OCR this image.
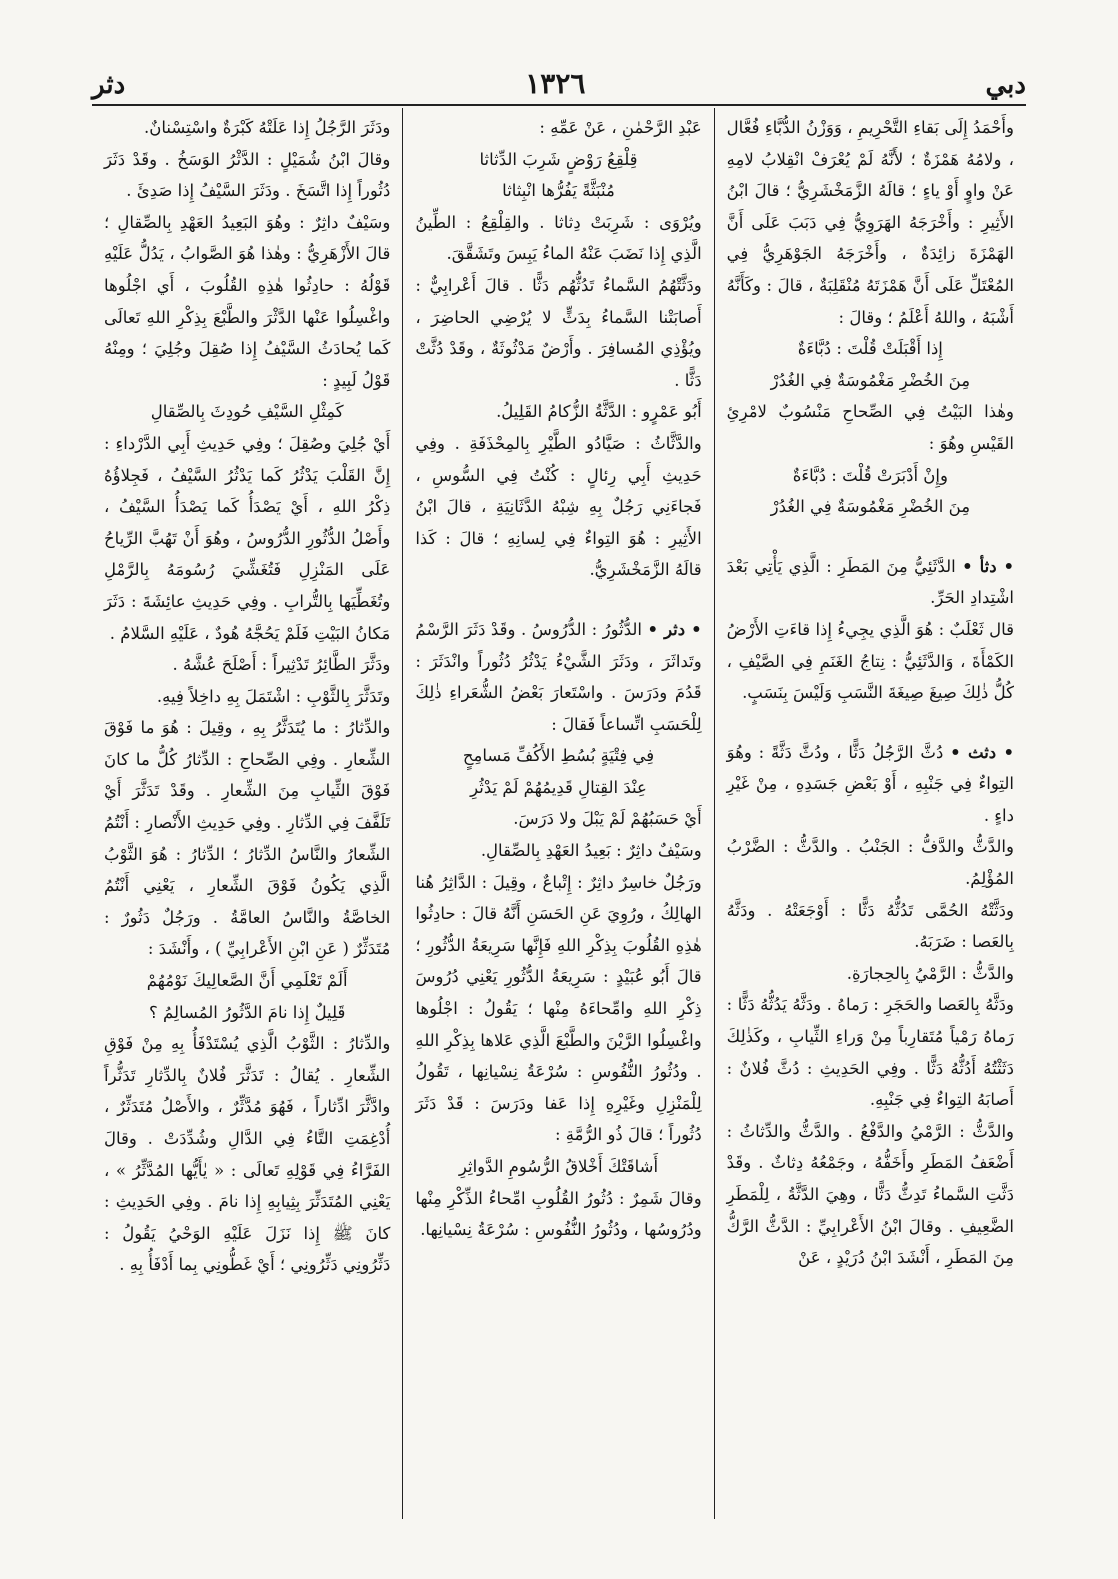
دبي
١٣٢٦
دثر
وأَحْمَدُ إِلَى بَقاءِ التَّحْرِيمِ ، وَوَزْنُ الدُّبَّاءِ فُعَّال ، ولامُهُ هَمْزَةٌ ؛ لأَنَّهُ لَمْ يُعْرَفْ انْقِلابُ لامِهِ عَنْ واوٍ أَوْ ياءٍ ؛ قالَهُ الزَّمَخْشَرِيُّ ؛ قالَ ابْنُ الأَثِيرِ : وأَخْرَجَهُ الهَرَوِيُّ فِي دَبَبَ عَلَى أَنَّ الهَمْزَةَ زائِدَةٌ ، وأَخْرَجَهُ الجَوْهَرِيُّ فِي المُعْتَلِّ عَلَى أَنَّ هَمْزَتَهُ مُنْقَلِبَةٌ ، قالَ : وكَأَنَّهُ أَشْبَهُ ، واللهُ أَعْلَمُ ؛ وقالَ :
إِذا أَقْبَلَتْ قُلْتَ : دُبَّاءَةٌ
مِنَ الخُضْرِ مَغْمُوسَةٌ فِي الغُدُرْ
وهٰذا البَيْتُ فِي الصِّحاحِ مَنْسُوبٌ لامْرِئِ القَيْسِ وهُوَ :
وإِنْ أَدْبَرَتْ قُلْتَ : دُبَّاءَةٌ
مِنَ الخُضْرِ مَغْمُوسَةٌ فِي الغُدُرْ
• دثأ • الدَّثَئِيُّ مِنَ المَطَرِ : الَّذِي يَأْتِي بَعْدَ اشْتِدادِ الحَرِّ.
قال ثَعْلَبٌ : هُوَ الَّذِي يجِيءُ إِذا قاءَتِ الأَرْضُ الكَمْأَةَ ، وَالدَّثَئِيُّ : نِتاجُ الغَنَمِ فِي الصَّيْفِ ، كُلُّ ذٰلِكَ صِيغَ صِيغَةَ النَّسَبِ وَلَيْسَ بِنَسَبٍ.
• دثث • دُثَّ الرَّجُلُ دَثًّا ، ودُثَّ دَثَّةً : وهُوَ التِواءٌ فِي جَنْبِهِ ، أَوْ بَعْضِ جَسَدِهِ ، مِنْ غَيْرِ داءٍ .
والدَّثُّ والدَّفُّ : الجَنْبُ . والدَّثُّ : الضَّرْبُ المُؤْلِمُ.
ودَثَّتْهُ الحُمَّى تَدُثُّهُ دَثًّا : أَوْجَعَتْهُ . ودَثَّهُ بِالعَصا : ضَرَبَهُ.
والدَّثُّ : الرَّمْيُ بِالحِجارَةِ.
ودَثَّهُ بِالعَصا والحَجَرِ : رَماهُ . ودَثَّهُ يَدُثُّهُ دَثًّا : رَماهُ رَمْياً مُتَقارِباً مِنْ وَراءِ الثِّيابِ ، وكَذٰلِكَ دَثَثْتُهُ أَدُثُّهُ دَثًّا . وفِي الحَدِيثِ : دُثَّ فُلانٌ : أَصابَهُ التِواءٌ فِي جَنْبِهِ.
والدَّثُّ : الرَّمْيُ والدَّفْعُ . والدَّثُّ والدِّثاثُ : أَضْعَفُ المَطَرِ وأَخَفُّهُ ، وجَمْعُهُ دِثاثٌ . وقَدْ دَثَّتِ السَّماءُ تَدِثُّ دَثًّا ، وهِيَ الدَّثَّةُ ، لِلْمَطَرِ الضَّعِيفِ . وقالَ ابْنُ الأَعْرابِيِّ : الدَّثُّ الرَّكُّ مِنَ المَطَرِ ، أَنْشَدَ ابْنُ دُرَيْدٍ ، عَنْ
عَبْدِ الرَّحْمٰنِ ، عَنْ عَمِّهِ :
قِلْقِعُ رَوْضٍ شَرِبَ الدِّثاثا
مُنْبَثَّةً يَفُرُّها انْبِثاثا
ويُرْوَى : شَرِبَتْ دِثاثا . والقِلْقِعُ : الطِّينُ الَّذِي إِذا نَضَبَ عَنْهُ الماءُ يَبِسَ وتَشَقَّقَ.
ودَثَّتْهُمُ السَّماءُ تَدُثُّهُم دَثًّا . قالَ أَعْرابِيٌّ : أَصابَتْنا السَّماءُ بِدَثٍّ لا يُرْضِي الحاضِرَ ، ويُؤْذِي المُسافِرَ . وأَرْضٌ مَدْثُوثَةٌ ، وقَدْ دُثَّتْ دَثًّا .
أَبُو عَمْرٍو : الدَّثَّةُ الزُّكامُ القَلِيلُ.
والدَّثَّاثُ : صَيَّادُو الطَّيْرِ بِالمِحْذَفَةِ . وفِي حَدِيثِ أَبِي رِئالٍ : كُنْتُ فِي السُّوسِ ، فَجاءَنِي رَجُلٌ بِهِ شِبْهُ الدَّثَانِيَةِ ، قالَ ابْنُ الأَثِيرِ : هُوَ التِواءٌ فِي لِسانِهِ ؛ قالَ : كَذا قالَهُ الزَّمَخْشَرِيُّ.
• دثر • الدُّثُورُ : الدُّرُوسُ . وقَدْ دَثَرَ الرَّسْمُ وتَداثَرَ ، ودَثَرَ الشَّيْءُ يَدْثُرُ دُثُوراً وانْدَثَرَ : قَدُمَ ودَرَسَ . واسْتَعارَ بَعْضُ الشُّعَراءِ ذٰلِكَ لِلْحَسَبِ اتِّساعاً فَقالَ :
فِي فِتْيَةٍ بُسُطِ الأَكُفِّ مَسامِحٍ
عِنْدَ القِتالِ قَدِيمُهُمْ لَمْ يَدْثُرِ
أَيْ حَسَبُهُمْ لَمْ يَبْلَ ولا دَرَسَ.
وسَيْفٌ داثِرٌ : بَعِيدُ العَهْدِ بِالصِّقالِ.
ورَجُلٌ خاسِرٌ داثِرٌ : إِتْباعٌ ، وقِيلَ : الدَّاثِرُ هُنا الهالِكُ ، ورُوِيَ عَنِ الحَسَنِ أَنَّهُ قالَ : حادِثُوا هٰذِهِ القُلُوبَ بِذِكْرِ اللهِ فَإِنَّها سَرِيعَةُ الدُّثُورِ ؛ قالَ أَبُو عُبَيْدٍ : سَرِيعَةُ الدُّثُورِ يَعْنِي دُرُوسَ ذِكْرِ اللهِ وامِّحاءَهُ مِنْها ؛ يَقُولُ : اجْلُوها واغْسِلُوا الرَّيْنَ والطَّبْعَ الَّذِي عَلاها بِذِكْرِ اللهِ . ودُثُورُ النُّفُوسِ : سُرْعَةُ نِسْيانِها ، تَقُولُ لِلْمَنْزِلِ وغَيْرِهِ إِذا عَفا ودَرَسَ : قَدْ دَثَرَ دُثُوراً ؛ قالَ ذُو الرُّمَّةِ :
أَشاقَتْكَ أَخْلاقُ الرُّسُومِ الدَّواثِرِ
وقالَ شَمِرٌ : دُثُورُ القُلُوبِ امِّحاءُ الذِّكْرِ مِنْها ودُرُوسُها ، ودُثُورُ النُّفُوسِ : سُرْعَةُ نِسْيانِها.
ودَثَرَ الرَّجُلُ إِذا عَلَتْهُ كَبْرَةٌ واسْتِسْنانٌ.
وقالَ ابْنُ شُمَيْلٍ : الدَّثْرُ الوَسَخُ . وقَدْ دَثَرَ دُثُوراً إِذا اتَّسَخَ . ودَثَرَ السَّيْفُ إِذا صَدِئَ .
وسَيْفٌ داثِرٌ : وهُوَ البَعِيدُ العَهْدِ بِالصِّقالِ ؛ قالَ الأَزْهَرِيُّ : وهٰذا هُوَ الصَّوابُ ، يَدُلُّ عَلَيْهِ قَوْلُهُ : حادِثُوا هٰذِهِ القُلُوبَ ، أَي اجْلُوها واغْسِلُوا عَنْها الدَّثْرَ والطَّبْعَ بِذِكْرِ اللهِ تَعالَى كَما يُحادَثُ السَّيْفُ إِذا صُقِلَ وجُلِيَ ؛ ومِنْهُ قَوْلُ لَبِيدٍ :
كَمِثْلِ السَّيْفِ حُودِثَ بِالصِّقالِ
أَيْ جُلِيَ وصُقِلَ ؛ وفِي حَدِيثِ أَبِي الدَّرْداءِ : إِنَّ القَلْبَ يَدْثُرُ كَما يَدْثُرُ السَّيْفُ ، فَجِلاؤُهُ ذِكْرُ اللهِ ، أَيْ يَصْدَأُ كَما يَصْدَأُ السَّيْفُ ، وأَصْلُ الدُّثُورِ الدُّرُوسُ ، وهُوَ أَنْ تَهُبَّ الرِّياحُ عَلَى المَنْزِلِ فَتُغَشِّيَ رُسُومَهُ بِالرَّمْلِ وتُغَطِّيَها بِالتُّرابِ . وفِي حَدِيثِ عائِشَةَ : دَثَرَ مَكانُ البَيْتِ فَلَمْ يَحُجَّهُ هُودٌ ، عَلَيْهِ السَّلامُ .
ودَثَّرَ الطَّائِرُ تَدْثِيراً : أَصْلَحَ عُشَّهُ .
وتَدَثَّرَ بِالثَّوْبِ : اشْتَمَلَ بِهِ داخِلاً فِيهِ.
والدِّثارُ : ما يُتَدَثَّرُ بِهِ ، وقِيلَ : هُوَ ما فَوْقَ الشِّعارِ . وفِي الصِّحاحِ : الدِّثارُ كُلُّ ما كانَ فَوْقَ الثِّيابِ مِنَ الشِّعارِ . وقَدْ تَدَثَّرَ أَيْ تَلَفَّفَ فِي الدِّثارِ . وفِي حَدِيثِ الأَنْصارِ : أَنْتُمُ الشِّعارُ والنَّاسُ الدِّثارُ ؛ الدِّثارُ : هُوَ الثَّوْبُ الَّذِي يَكُونُ فَوْقَ الشِّعارِ ، يَعْنِي أَنْتُمُ الخاصَّةُ والنَّاسُ العامَّةُ . ورَجُلٌ دَثُورٌ : مُتَدَثِّرٌ ( عَنِ ابْنِ الأَعْرابِيِّ ) ، وأَنْشَدَ :
أَلَمْ تَعْلَمِي أَنَّ الصَّعالِيكَ نَوْمُهُمْ
قَلِيلٌ إِذا نامَ الدَّثُورُ المُسالِمُ ؟
والدِّثارُ : الثَّوْبُ الَّذِي يُسْتَدْفَأُ بِهِ مِنْ فَوْقِ الشِّعارِ . يُقالُ : تَدَثَّرَ فُلانٌ بِالدِّثارِ تَدَثُّراً وادَّثَّرَ ادِّثاراً ، فَهُوَ مُدَّثِّرٌ ، والأَصْلُ مُتَدَثِّرٌ ، أُدْغِمَتِ التَّاءُ فِي الدَّالِ وشُدِّدَتْ . وقالَ الفَرَّاءُ فِي قَوْلِهِ تَعالَى : « يٰأَيُّها المُدَّثِّرُ » ، يَعْنِي المُتَدَثِّرَ بِثِيابِهِ إِذا نامَ . وفِي الحَدِيثِ : كانَ ﷺ إِذا نَزَلَ عَلَيْهِ الوَحْيُ يَقُولُ : دَثِّرُونِي دَثِّرُونِي ؛ أَيْ غَطُّونِي بِما أَدْفَأُ بِهِ .
